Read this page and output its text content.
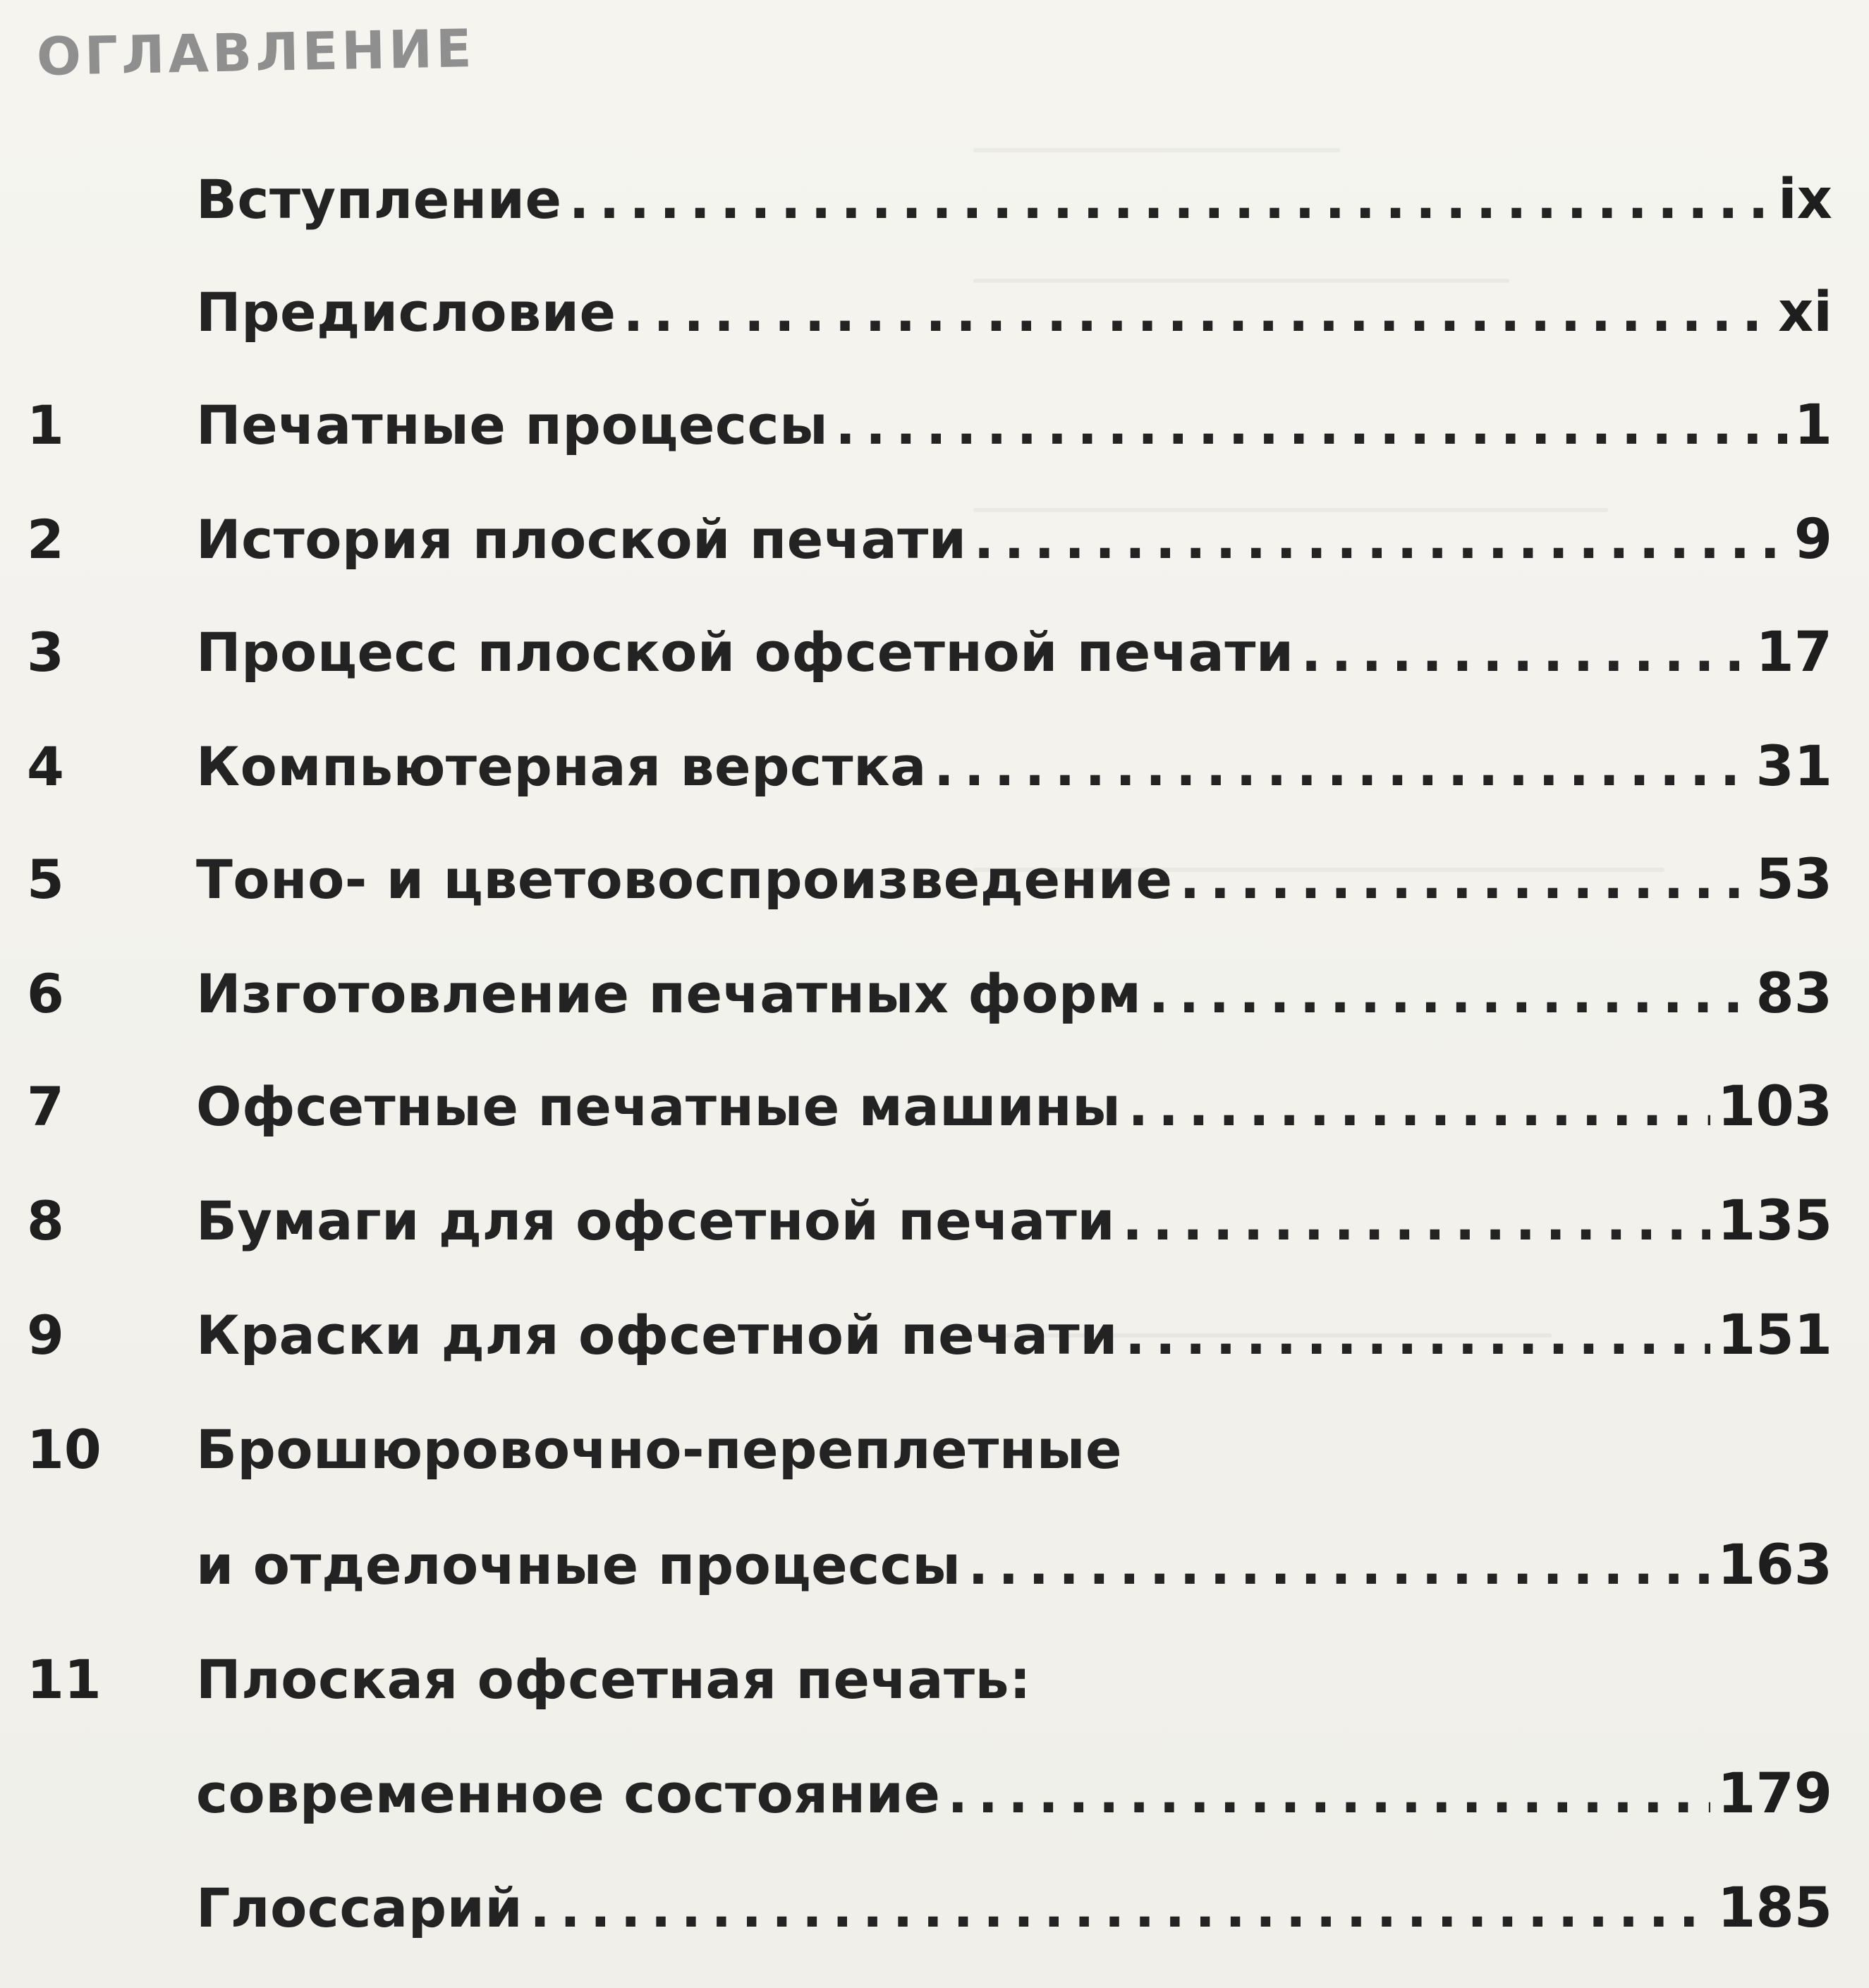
ОГЛАВЛЕНИЕ
Вступление .....	ix
Предисловие .....	xi
1	Печатные процессы .....	1
2	История плоской печати .....	9
3	Процесс плоской офсетной печати .....	17
4	Компьютерная верстка .....	31
5	Тоно- и цветовоспроизведение .....	53
6	Изготовление печатных форм .....	83
7	Офсетные печатные машины .....	103
8	Бумаги для офсетной печати .....	135
9	Краски для офсетной печати .....	151
10	Брошюровочно-переплетные
и отделочные процессы .....	163
11	Плоская офсетная печать:
современное состояние .....	179
Глоссарий .....	185
